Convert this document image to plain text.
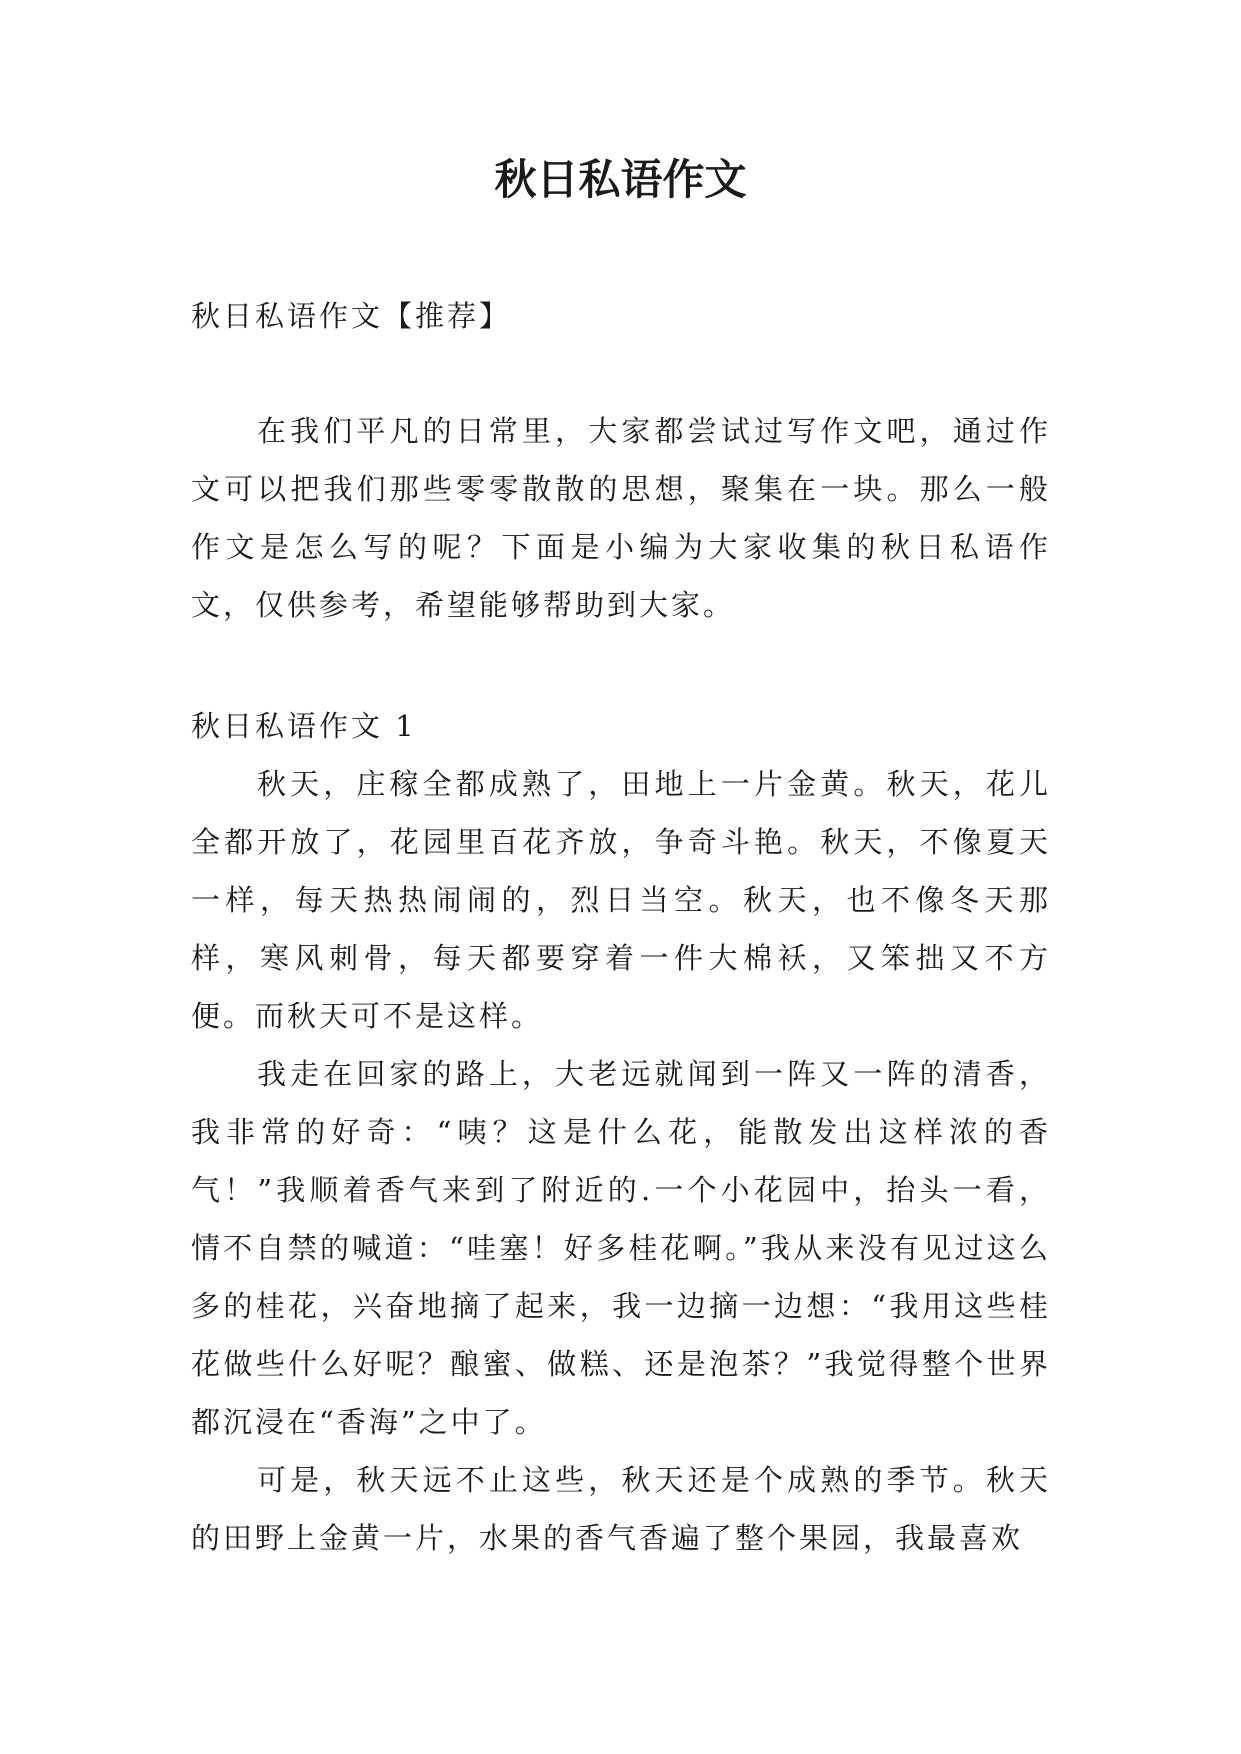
秋日私语作文
秋日私语作文【推荐】

在我们平凡的日常里，大家都尝试过写作文吧，通过作文可以把我们那些零零散散的思想，聚集在一块。那么一般作文是怎么写的呢？下面是小编为大家收集的秋日私语作文，仅供参考，希望能够帮助到大家。

秋日私语作文 1

秋天，庄稼全都成熟了，田地上一片金黄。秋天，花儿全都开放了，花园里百花齐放，争奇斗艳。秋天，不像夏天一样，每天热热闹闹的，烈日当空。秋天，也不像冬天那样，寒风刺骨，每天都要穿着一件大棉袄，又笨拙又不方便。而秋天可不是这样。

我走在回家的路上，大老远就闻到一阵又一阵的清香，我非常的好奇：“咦？这是什么花，能散发出这样浓的香气！”我顺着香气来到了附近的.一个小花园中，抬头一看，情不自禁的喊道：“哇塞！好多桂花啊。”我从来没有见过这么多的桂花，兴奋地摘了起来，我一边摘一边想：“我用这些桂花做些什么好呢？酿蜜、做糕、还是泡茶？”我觉得整个世界都沉浸在“香海”之中了。

可是，秋天远不止这些，秋天还是个成熟的季节。秋天的田野上金黄一片，水果的香气香遍了整个果园，我最喜欢
